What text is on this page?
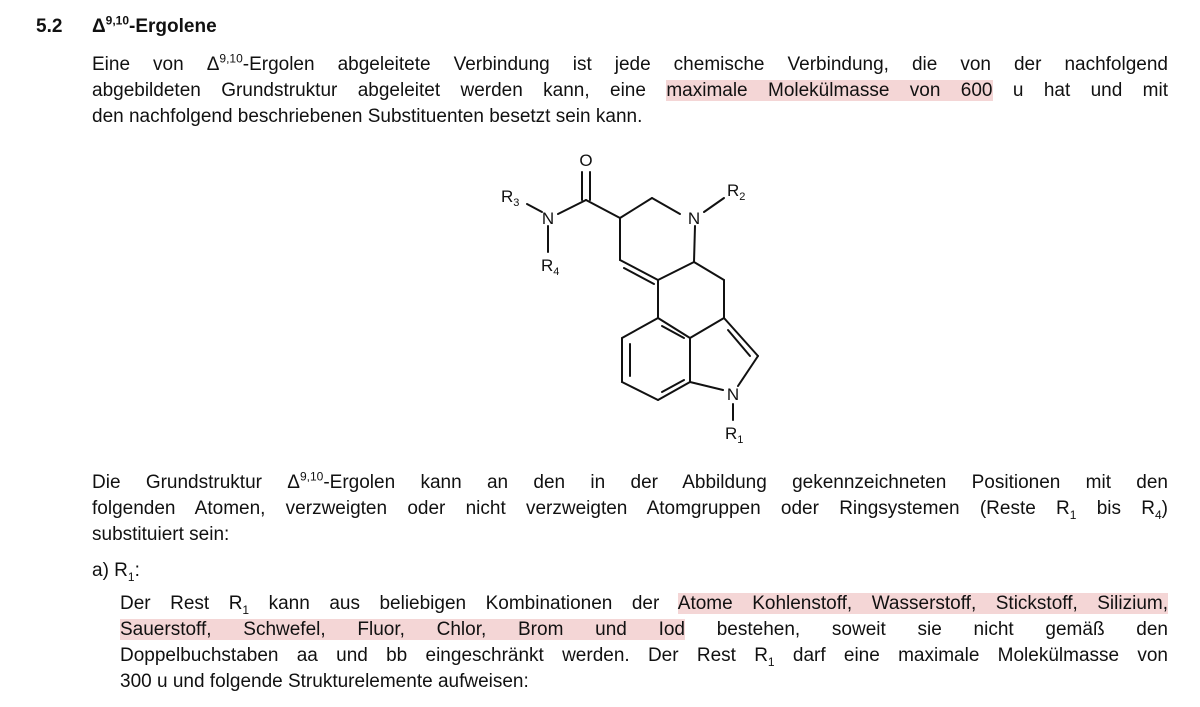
5.2	Δ$^{9,10}$-Ergolene
Eine von Δ$^{9,10}$-Ergolen abgeleitete Verbindung ist jede chemische Verbindung, die von der nachfolgend
abgebildeten Grundstruktur abgeleitet werden kann, eine maximale Molekülmasse von 600 u hat und mit
den nachfolgend beschriebenen Substituenten besetzt sein kann.
O
N	N
N
$R_3$
$R_2$
$R_4$
$R_1$
Die Grundstruktur Δ$^{9,10}$-Ergolen kann an den in der Abbildung gekennzeichneten Positionen mit den
folgenden Atomen, verzweigten oder nicht verzweigten Atomgruppen oder Ringsystemen (Reste $R_1$ bis $R_4$)
substituiert sein:
a) $R_1$:
Der Rest $R_1$ kann aus beliebigen Kombinationen der Atome Kohlenstoff, Wasserstoff, Stickstoff, Silizium,
Sauerstoff, Schwefel, Fluor, Chlor, Brom und Iod bestehen, soweit sie nicht gemäß den
Doppelbuchstaben aa und bb eingeschränkt werden. Der Rest $R_1$ darf eine maximale Molekülmasse von
300 u und folgende Strukturelemente aufweisen:
